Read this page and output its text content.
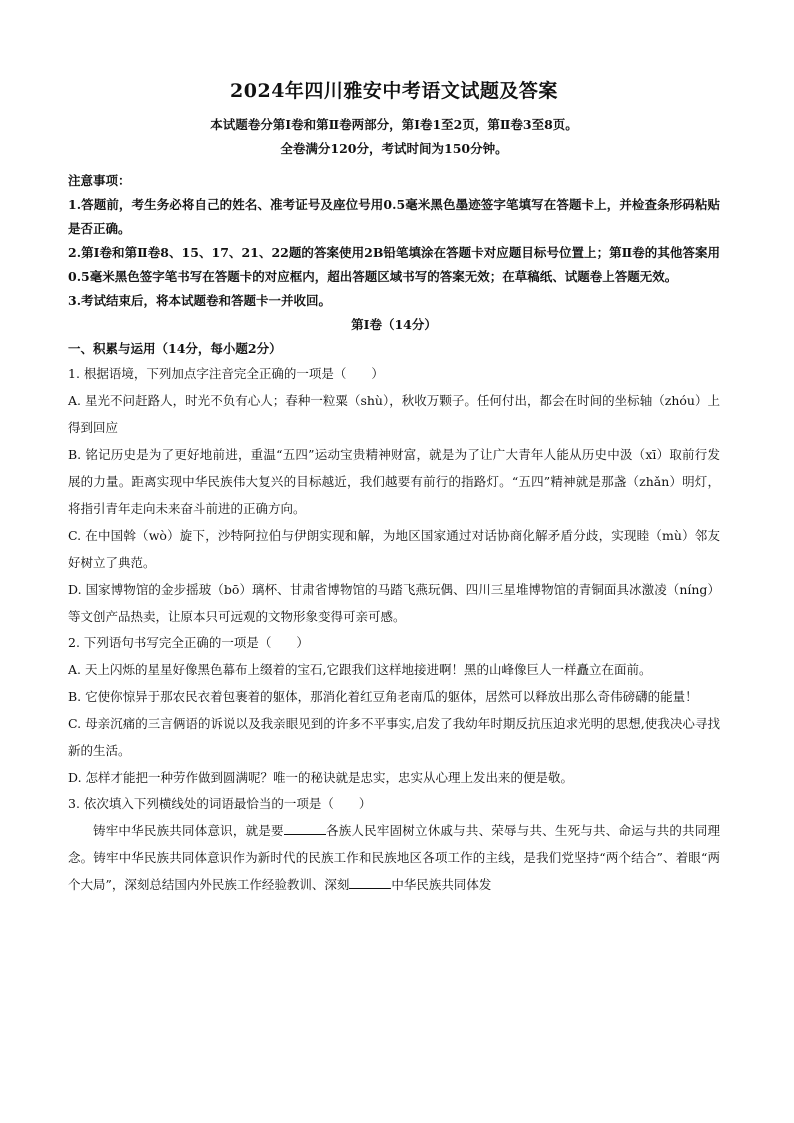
2024年四川雅安中考语文试题及答案
本试题卷分第Ⅰ卷和第Ⅱ卷两部分，第Ⅰ卷1至2页，第Ⅱ卷3至8页。
全卷满分120分，考试时间为150分钟。
注意事项：
1.答题前，考生务必将自己的姓名、准考证号及座位号用0.5毫米黑色墨迹签字笔填写在答题卡上，并检查条形码粘贴是否正确。
2.第Ⅰ卷和第Ⅱ卷8、15、17、21、22题的答案使用2B铅笔填涂在答题卡对应题目标号位置上；第Ⅱ卷的其他答案用0.5毫米黑色签字笔书写在答题卡的对应框内，超出答题区域书写的答案无效；在草稿纸、试题卷上答题无效。
3.考试结束后，将本试题卷和答题卡一并收回。
第Ⅰ卷（14分）
一、积累与运用（14分，每小题2分）
1. 根据语境，下列加点字注音完全正确的一项是（　　）
A. 星光不问赶路人，时光不负有心人；春种一粒粟（shù），秋收万颗子。任何付出，都会在时间的坐标轴（zhóu）上得到回应
B. 铭记历史是为了更好地前进，重温“五四”运动宝贵精神财富，就是为了让广大青年人能从历史中汲（xī）取前行发展的力量。距离实现中华民族伟大复兴的目标越近，我们越要有前行的指路灯。“五四”精神就是那盏（zhǎn）明灯，将指引青年走向未来奋斗前进的正确方向。
C. 在中国斡（wò）旋下，沙特阿拉伯与伊朗实现和解，为地区国家通过对话协商化解矛盾分歧，实现睦（mù）邻友好树立了典范。
D. 国家博物馆的金步摇玻（bō）璃杯、甘肃省博物馆的马踏飞燕玩偶、四川三星堆博物馆的青铜面具冰激凌（níng）等文创产品热卖，让原本只可远观的文物形象变得可亲可感。
2. 下列语句书写完全正确的一项是（　　）
A. 天上闪烁的星星好像黑色幕布上缀着的宝石,它跟我们这样地接进啊！黑的山峰像巨人一样矗立在面前。
B. 它使你惊异于那农民衣着包裹着的躯体，那消化着红豆角老南瓜的躯体，居然可以释放出那么奇伟磅礴的能量！
C. 母亲沉痛的三言俩语的诉说以及我亲眼见到的许多不平事实,启发了我幼年时期反抗压迫求光明的思想,使我决心寻找新的生活。
D. 怎样才能把一种劳作做到圆满呢？唯一的秘诀就是忠实，忠实从心理上发出来的便是敬。
3. 依次填入下列横线处的词语最恰当的一项是（　　）
铸牢中华民族共同体意识，就是要	各族人民牢固树立休戚与共、荣辱与共、生死与共、命运与共的共同理念。铸牢中华民族共同体意识作为新时代的民族工作和民族地区各项工作的主线，是我们党坚持“两个结合”、着眼“两个大局”，深刻总结国内外民族工作经验教训、深刻	中华民族共同体发
